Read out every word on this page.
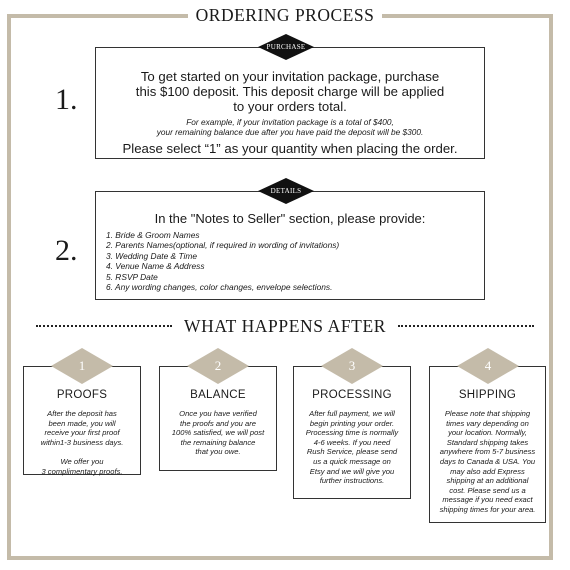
ORDERING PROCESS
1.
To get started on your invitation package, purchase
this $100 deposit. This deposit charge will be applied
to your orders total.
For example, if your invitation package is a total of $400,
your remaining balance due after you have paid the deposit will be $300.
Please select “1” as your quantity when placing the order.
PURCHASE
2.
In the "Notes to Seller" section, please provide:
1. Bride & Groom Names
2. Parents Names(optional, if required in wording of invitations)
3. Wedding Date & Time
4. Venue Name & Address
5. RSVP Date
6. Any wording changes, color changes, envelope selections.
DETAILS
WHAT HAPPENS AFTER
PROOFS
After the deposit has
been made, you will
receive your first proof
within1-3 business days.

We offer you
3 complimentary proofs.
1
BALANCE
Once you have verified
the proofs and you are
100% satisfied, we will post
the remaining balance
that you owe.
2
PROCESSING
After full payment, we will
begin printing your order.
Processing time is normally
4-6 weeks. If you need
Rush Service, please send
us a quick message on
Etsy and we will give you
further instructions.
3
SHIPPING
Please note that shipping
times vary depending on
your location. Normally,
Standard shipping takes
anywhere from 5-7 business
days to Canada & USA. You
may also add Express
shipping at an additional
cost. Please send us a
message if you need exact
shipping times for your area.
4
